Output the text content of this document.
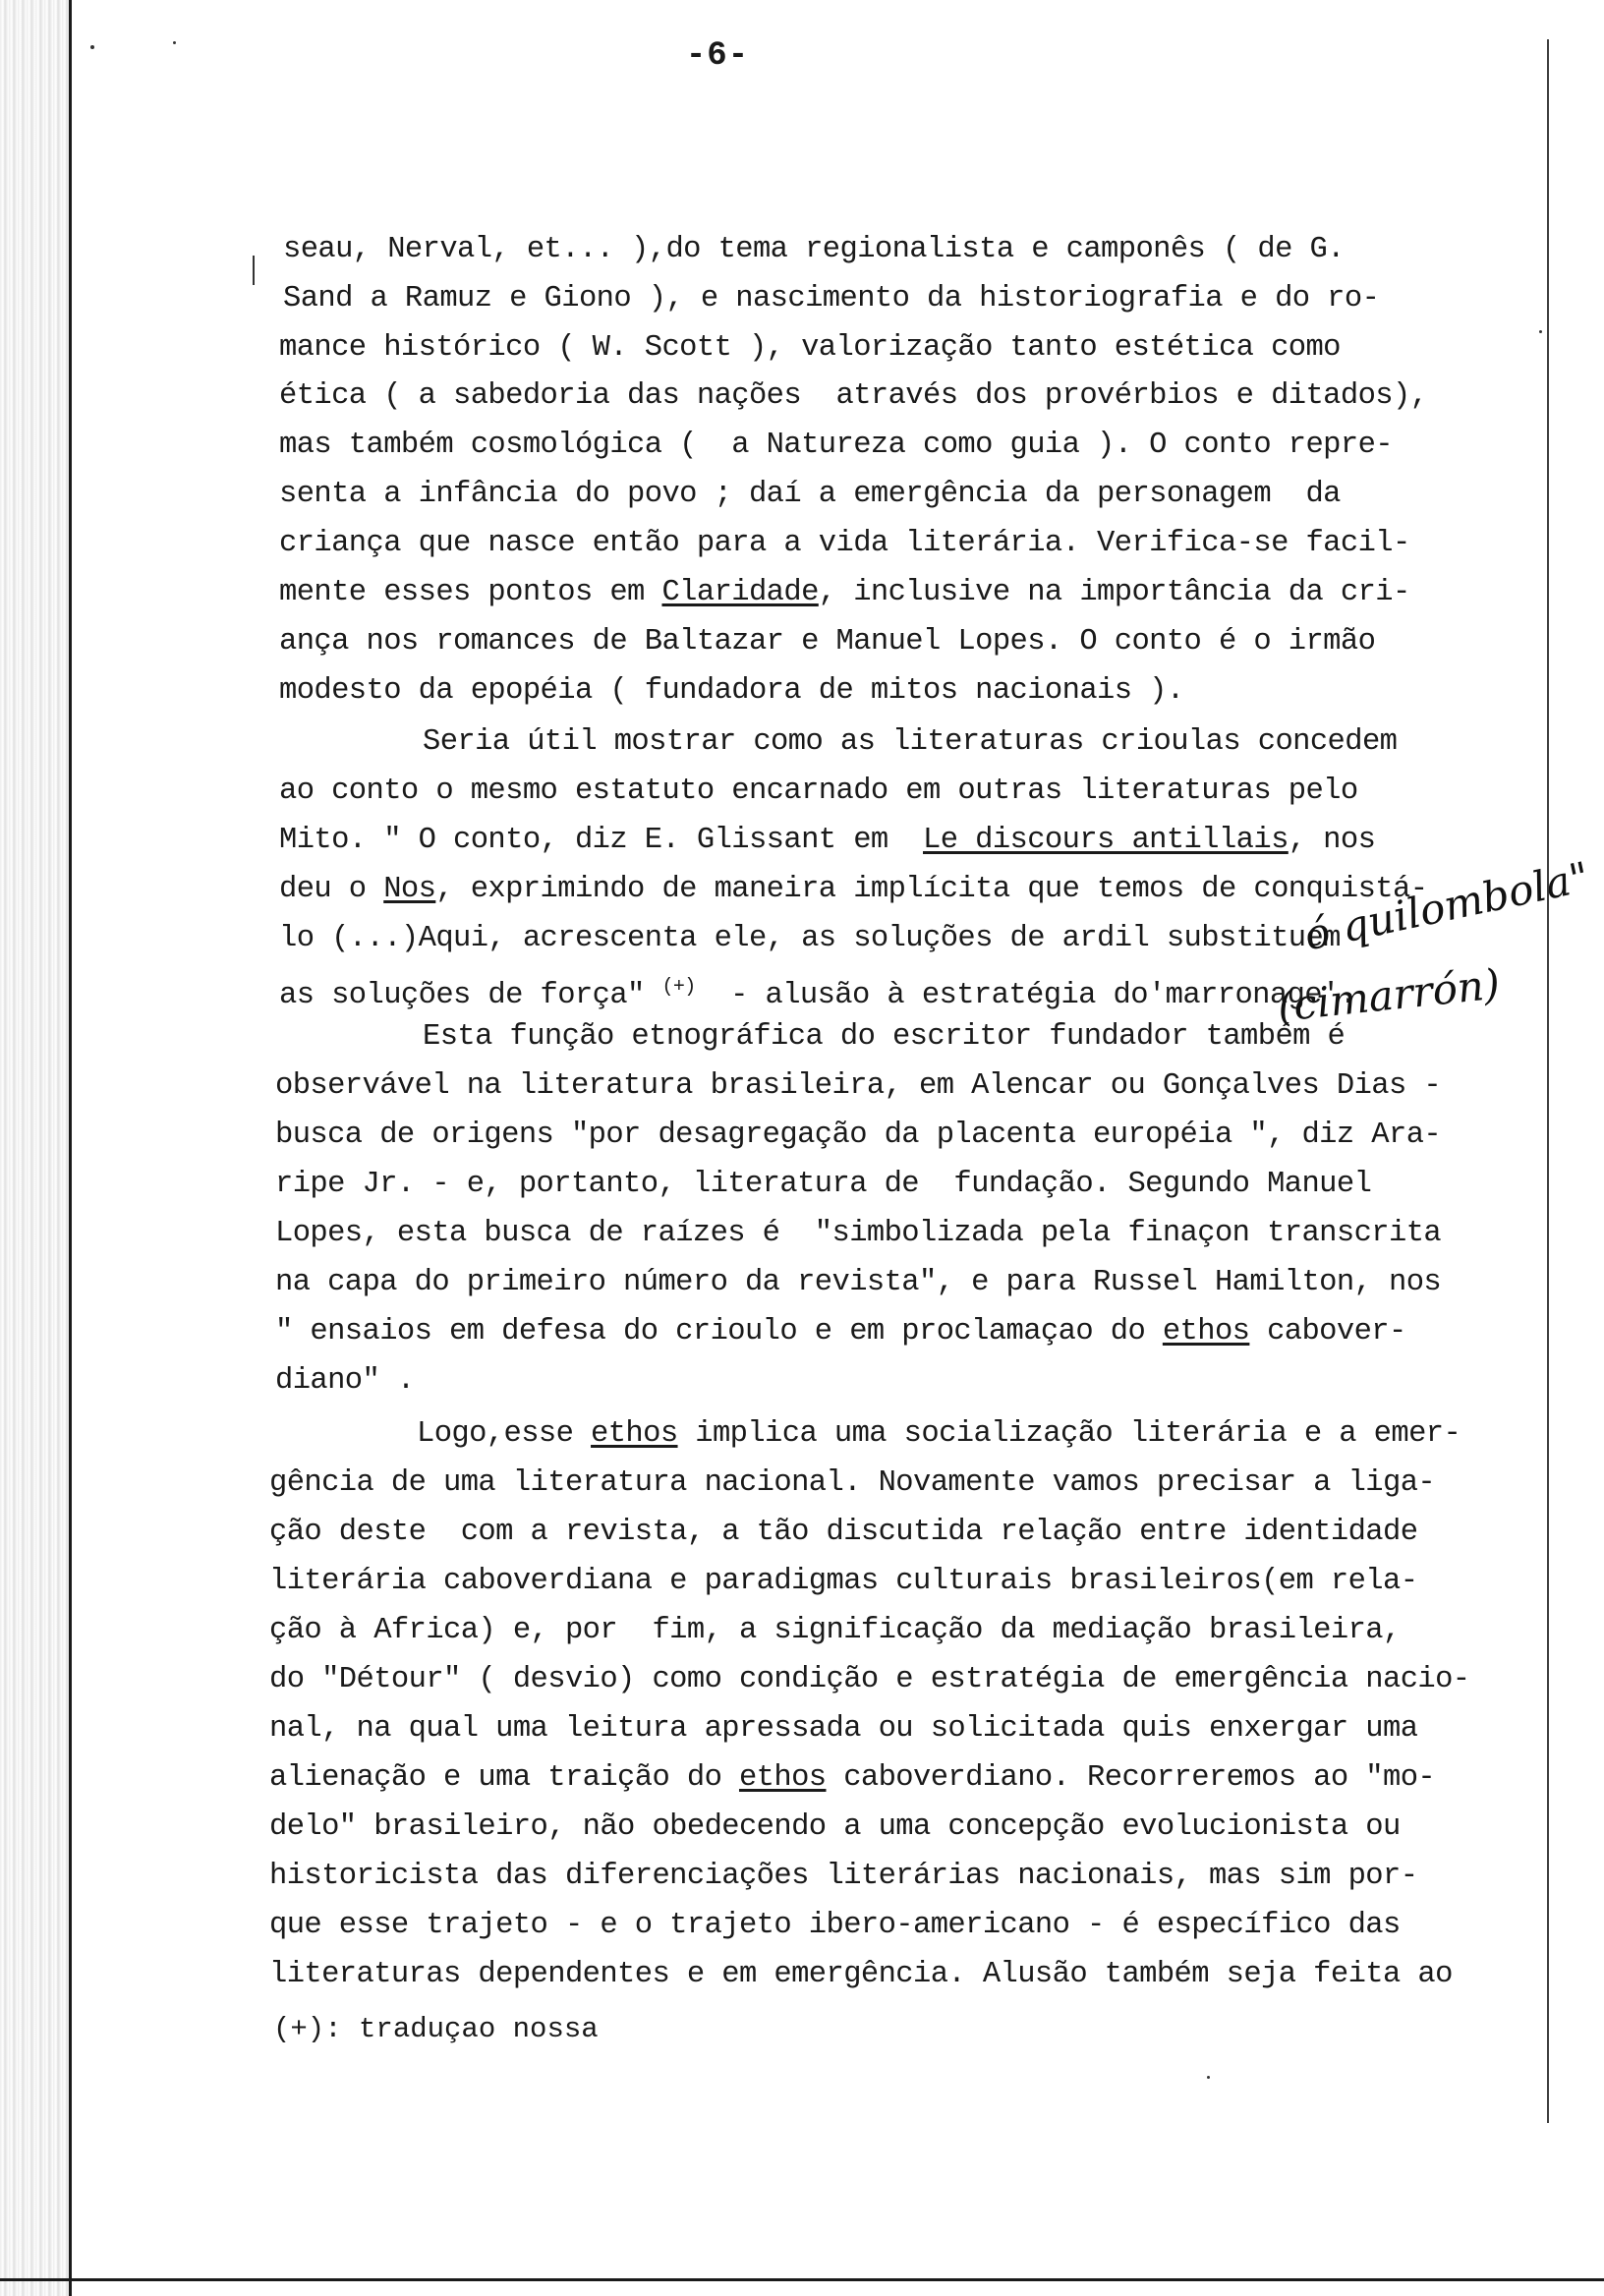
-6-
seau, Nerval, et... ),do tema regionalista e camponês ( de G.
Sand a Ramuz e Giono ), e nascimento da historiografia e do ro-
mance histórico ( W. Scott ), valorização tanto estética como
ética ( a sabedoria das nações  através dos provérbios e ditados),
mas também cosmológica (  a Natureza como guia ). O conto repre-
senta a infância do povo ; daí a emergência da personagem  da
criança que nasce então para a vida literária. Verifica-se facil-
mente esses pontos em Claridade, inclusive na importância da cri-
ança nos romances de Baltazar e Manuel Lopes. O conto é o irmão
modesto da epopéia ( fundadora de mitos nacionais ).
Seria útil mostrar como as literaturas crioulas concedem
ao conto o mesmo estatuto encarnado em outras literaturas pelo
Mito. " O conto, diz E. Glissant em  Le discours antillais, nos
deu o Nos, exprimindo de maneira implícita que temos de conquistá-
lo (...)Aqui, acrescenta ele, as soluções de ardil substituem
as soluções de força" (+)  - alusão à estratégia do'marronage'.
Esta função etnográfica do escritor fundador também é
observável na literatura brasileira, em Alencar ou Gonçalves Dias -
busca de origens "por desagregação da placenta européia ", diz Ara-
ripe Jr. - e, portanto, literatura de  fundação. Segundo Manuel
Lopes, esta busca de raízes é  "simbolizada pela finaçon transcrita
na capa do primeiro número da revista", e para Russel Hamilton, nos
" ensaios em defesa do crioulo e em proclamaçao do ethos cabover-
diano" .
Logo,esse ethos implica uma socialização literária e a emer-
gência de uma literatura nacional. Novamente vamos precisar a liga-
ção deste  com a revista, a tão discutida relação entre identidade
literária caboverdiana e paradigmas culturais brasileiros(em rela-
ção à Africa) e, por  fim, a significação da mediação brasileira,
do "Détour" ( desvio) como condição e estratégia de emergência nacio-
nal, na qual uma leitura apressada ou solicitada quis enxergar uma
alienação e uma traição do ethos caboverdiano. Recorreremos ao "mo-
delo" brasileiro, não obedecendo a uma concepção evolucionista ou
historicista das diferenciações literárias nacionais, mas sim por-
que esse trajeto - e o trajeto ibero-americano - é específico das
literaturas dependentes e em emergência. Alusão também seja feita ao
(+): traduçao nossa
ó quilombola"
(cimarrón)
